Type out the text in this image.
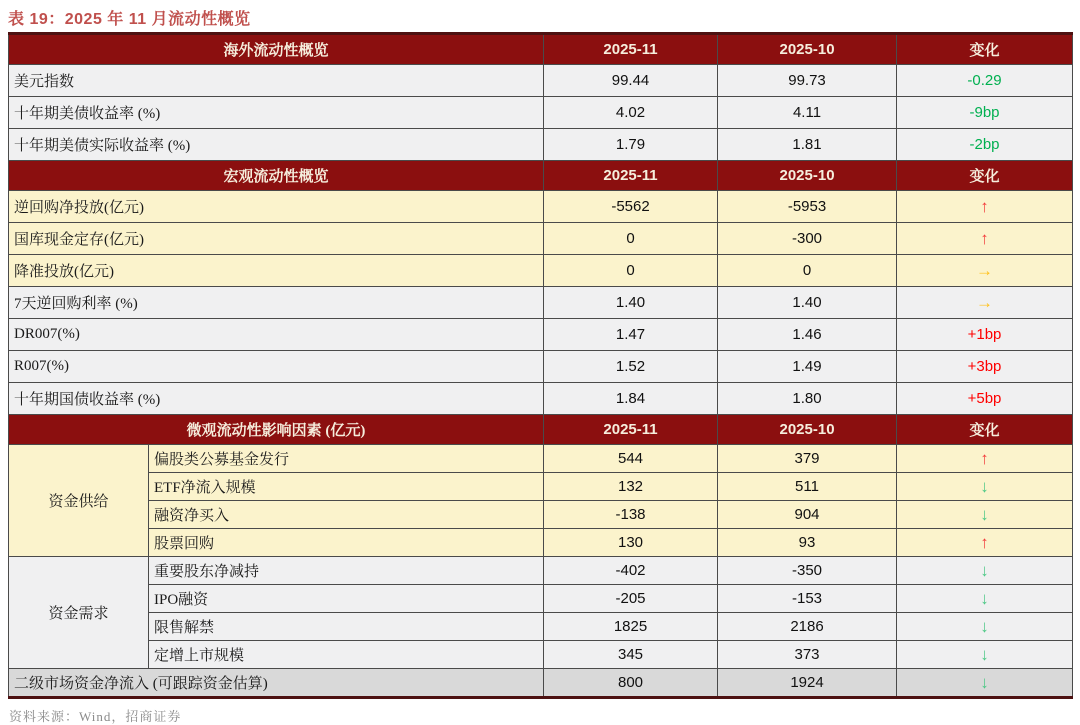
表 19：2025 年 11 月流动性概览
海外流动性概览		2025-11	2025-10	变化
美元指数		99.44	99.73	-0.29
十年期美债收益率 (%)		4.02	4.11	-9bp
十年期美债实际收益率 (%)		1.79	1.81	-2bp
宏观流动性概览		2025-11	2025-10	变化
逆回购净投放(亿元)		-5562	-5953	↑
国库现金定存(亿元)		0	-300	↑
降准投放(亿元)		0	0	→
7天逆回购利率 (%)		1.40	1.40	→
DR007(%)		1.47	1.46	+1bp
R007(%)		1.52	1.49	+3bp
十年期国债收益率 (%)		1.84	1.80	+5bp
微观流动性影响因素 (亿元)		2025-11	2025-10	变化
资金供给	偏股类公募基金发行	544	379	↑
	ETF净流入规模	132	511	↓
	融资净买入	-138	904	↓
	股票回购	130	93	↑
资金需求	重要股东净减持	-402	-350	↓
	IPO融资	-205	-153	↓
	限售解禁	1825	2186	↓
	定增上市规模	345	373	↓
二级市场资金净流入 (可跟踪资金估算)		800	1924	↓
资料来源：Wind，招商证券
